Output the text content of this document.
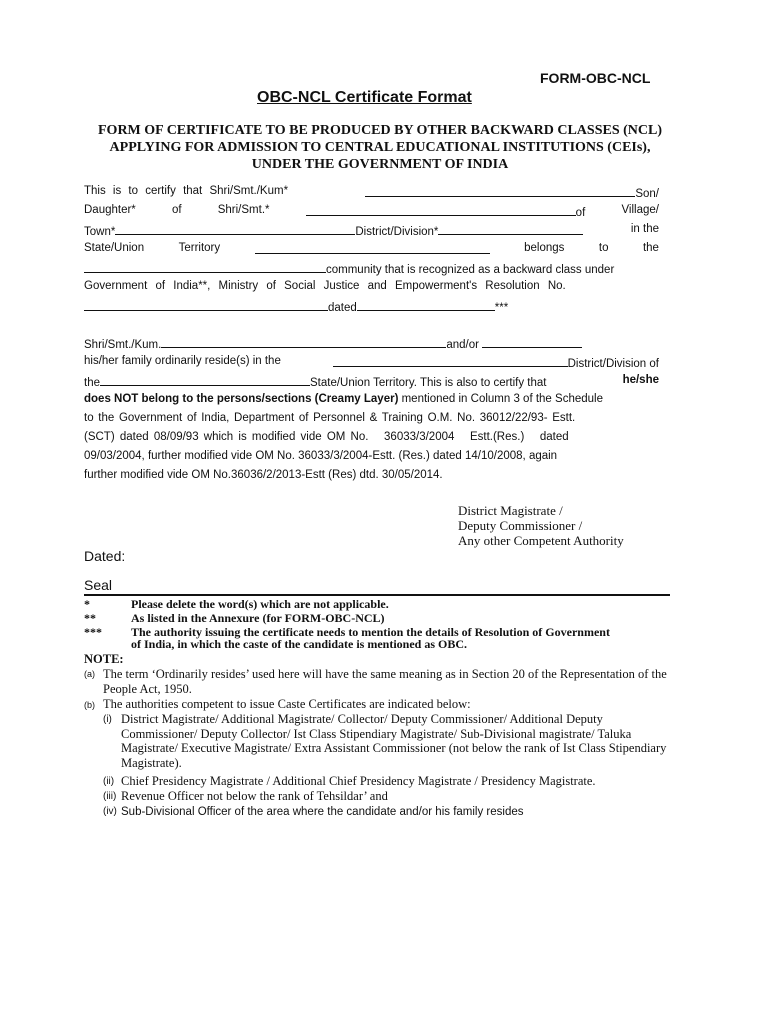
FORM-OBC-NCL
OBC-NCL Certificate Format
FORM OF CERTIFICATE TO BE PRODUCED BY OTHER BACKWARD CLASSES (NCL) APPLYING FOR ADMISSION TO CENTRAL EDUCATIONAL INSTITUTIONS (CEIs), UNDER THE GOVERNMENT OF INDIA
This is to certify that Shri/Smt./Kum*	Son/
Daughter*	of	Shri/Smt.*	of	Village/
Town*	District/Division*	in the
State/Union	Territory	belongs	to	the
community that is recognized as a backward class under
Government of India**, Ministry of Social Justice and Empowerment's Resolution No.
dated	***
Shri/Smt./Kum.	and/or
his/her family ordinarily reside(s) in the	District/Division of
the	State/Union Territory. This is also to certify that	he/she
does NOT belong to the persons/sections (Creamy Layer) mentioned in Column 3 of the Schedule
to the Government of India, Department of Personnel & Training O.M. No. 36012/22/93- Estt.
(SCT) dated 08/09/93 which is modified vide OM No.   36033/3/2004   Estt.(Res.)   dated
09/03/2004, further modified vide OM No. 36033/3/2004-Estt. (Res.) dated 14/10/2008, again
further modified vide OM No.36036/2/2013-Estt (Res) dtd. 30/05/2014.
District Magistrate /
Deputy Commissioner /
Any other Competent Authority
Dated:
Seal
*	Please delete the word(s) which are not applicable.
**	As listed in the Annexure (for FORM-OBC-NCL)
*** The authority issuing the certificate needs to mention the details of Resolution of Government of India, in which the caste of the candidate is mentioned as OBC.
NOTE:
(a) The term ‘Ordinarily resides’ used here will have the same meaning as in Section 20 of the Representation of the People Act, 1950.
(b) The authorities competent to issue Caste Certificates are indicated below:
(i) District Magistrate/ Additional Magistrate/ Collector/ Deputy Commissioner/ Additional Deputy Commissioner/ Deputy Collector/ Ist Class Stipendiary Magistrate/ Sub-Divisional magistrate/ Taluka Magistrate/ Executive Magistrate/ Extra Assistant Commissioner (not below the rank of Ist Class Stipendiary Magistrate).
(ii) Chief Presidency Magistrate / Additional Chief Presidency Magistrate / Presidency Magistrate.
(iii) Revenue Officer not below the rank of Tehsildar’ and
(iv) Sub-Divisional Officer of the area where the candidate and/or his family resides
